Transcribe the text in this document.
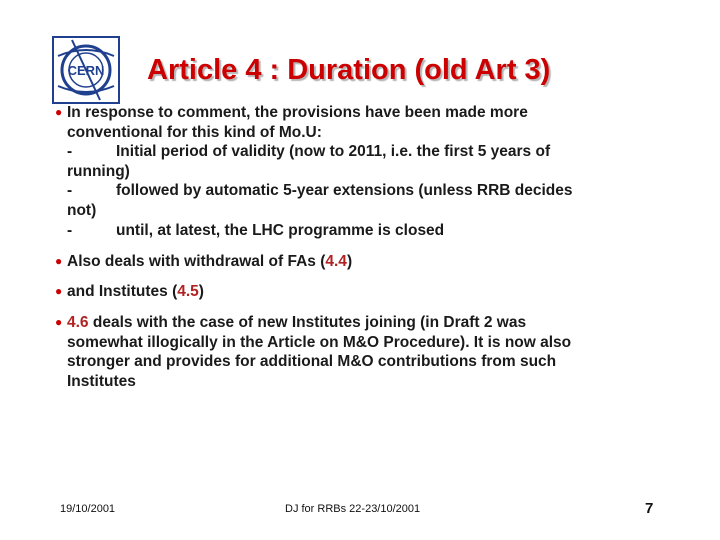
CERN Article 4 : Duration (old Art 3)
● In response to comment, the provisions have been made more
conventional for this kind of Mo.U:
-	Initial period of validity (now to 2011, i.e. the first 5 years of
running)
-	followed by automatic 5-year extensions (unless RRB decides
not)
-	until, at latest, the LHC programme is closed
● Also deals with withdrawal of FAs (4.4)
● and Institutes (4.5)
● 4.6 deals with the case of new Institutes joining (in Draft 2 was
somewhat illogically in the Article on M&O Procedure). It is now also
stronger and provides for additional M&O contributions from such
Institutes
19/10/2001	DJ for RRBs 22-23/10/2001	7
